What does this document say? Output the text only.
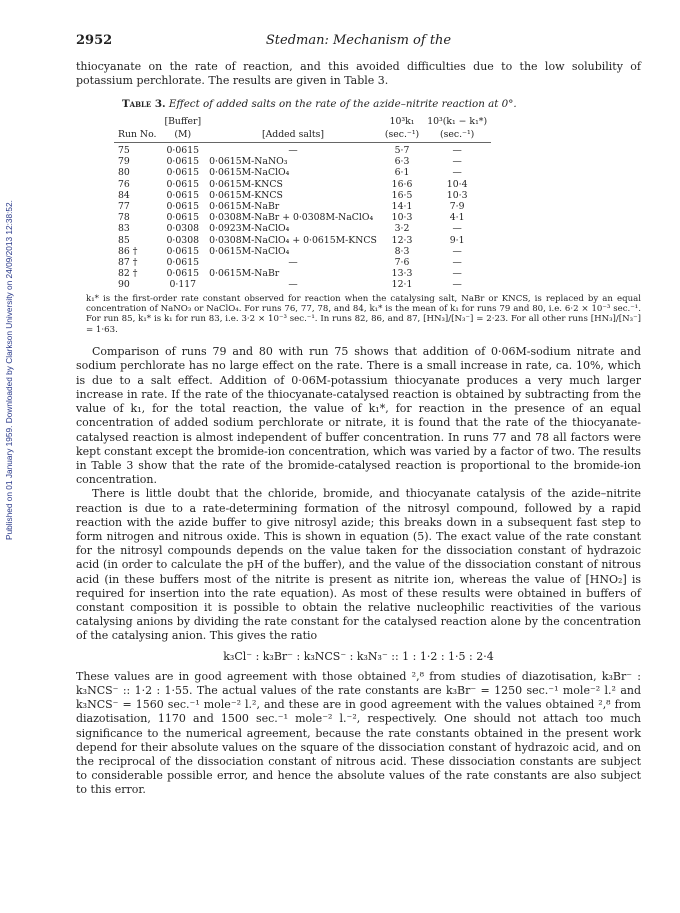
Published on 01 January 1959. Downloaded by Clarkson University on 24/09/2013 12:38:52.
2952	Stedman: Mechanism of the

thiocyanate on the rate of reaction, and this avoided difficulties due to the low solubility of potassium perchlorate. The results are given in Table 3.

Table 3. Effect of added salts on the rate of the azide–nitrite reaction at 0°.
	[Buffer]		10³k₁	10³(k₁ − k₁*)
Run No.	(M)	[Added salts]	(sec.⁻¹)	(sec.⁻¹)
75	0·0615	—	5·7	—
79	0·0615	0·0615M-NaNO₃	6·3	—
80	0·0615	0·0615M-NaClO₄	6·1	—
76	0·0615	0·0615M-KNCS	16·6	10·4
84	0·0615	0·0615M-KNCS	16·5	10·3
77	0·0615	0·0615M-NaBr	14·1	7·9
78	0·0615	0·0308M-NaBr + 0·0308M-NaClO₄	10·3	4·1
83	0·0308	0·0923M-NaClO₄	3·2	—
85	0·0308	0·0308M-NaClO₄ + 0·0615M-KNCS	12·3	9·1
86 †	0·0615	0·0615M-NaClO₄	8·3	—
87 †	0·0615	—	7·6	—
82 †	0·0615	0·0615M-NaBr	13·3	—
90	0·117	—	12·1	—

k₁* is the first-order rate constant observed for reaction when the catalysing salt, NaBr or KNCS, is replaced by an equal concentration of NaNO₃ or NaClO₄. For runs 76, 77, 78, and 84, k₁* is the mean of k₁ for runs 79 and 80, i.e. 6·2 × 10⁻³ sec.⁻¹. For run 85, k₁* is k₁ for run 83, i.e. 3·2 × 10⁻³ sec.⁻¹. In runs 82, 86, and 87, [HN₃]/[N₃⁻] = 2·23. For all other runs [HN₃]/[N₃⁻] = 1·63.

Comparison of runs 79 and 80 with run 75 shows that addition of 0·06M-sodium nitrate and sodium perchlorate has no large effect on the rate. There is a small increase in rate, ca. 10%, which is due to a salt effect. Addition of 0·06M-potassium thiocyanate produces a very much larger increase in rate. If the rate of the thiocyanate-catalysed reaction is obtained by subtracting from the value of k₁, for the total reaction, the value of k₁*, for reaction in the presence of an equal concentration of added sodium perchlorate or nitrate, it is found that the rate of the thiocyanate-catalysed reaction is almost independent of buffer concentration. In runs 77 and 78 all factors were kept constant except the bromide-ion concentration, which was varied by a factor of two. The results in Table 3 show that the rate of the bromide-catalysed reaction is proportional to the bromide-ion concentration.

There is little doubt that the chloride, bromide, and thiocyanate catalysis of the azide–nitrite reaction is due to a rate-determining formation of the nitrosyl compound, followed by a rapid reaction with the azide buffer to give nitrosyl azide; this breaks down in a subsequent fast step to form nitrogen and nitrous oxide. This is shown in equation (5). The exact value of the rate constant for the nitrosyl compounds depends on the value taken for the dissociation constant of hydrazoic acid (in order to calculate the pH of the buffer), and the value of the dissociation constant of nitrous acid (in these buffers most of the nitrite is present as nitrite ion, whereas the value of [HNO₂] is required for insertion into the rate equation). As most of these results were obtained in buffers of constant composition it is possible to obtain the relative nucleophilic reactivities of the various catalysing anions by dividing the rate constant for the catalysed reaction alone by the concentration of the catalysing anion. This gives the ratio

k₃Cl⁻ : k₃Br⁻ : k₃NCS⁻ : k₃N₃⁻ :: 1 : 1·2 : 1·5 : 2·4

These values are in good agreement with those obtained ²,⁸ from studies of diazotisation, k₃Br⁻ : k₃NCS⁻ :: 1·2 : 1·55. The actual values of the rate constants are k₃Br⁻ = 1250 sec.⁻¹ mole⁻² l.² and k₃NCS⁻ = 1560 sec.⁻¹ mole⁻² l.², and these are in good agreement with the values obtained ²,⁸ from diazotisation, 1170 and 1500 sec.⁻¹ mole⁻² l.⁻², respectively. One should not attach too much significance to the numerical agreement, because the rate constants obtained in the present work depend for their absolute values on the square of the dissociation constant of hydrazoic acid, and on the reciprocal of the dissociation constant of nitrous acid. These dissociation constants are subject to considerable possible error, and hence the absolute values of the rate constants are also subject to this error.
